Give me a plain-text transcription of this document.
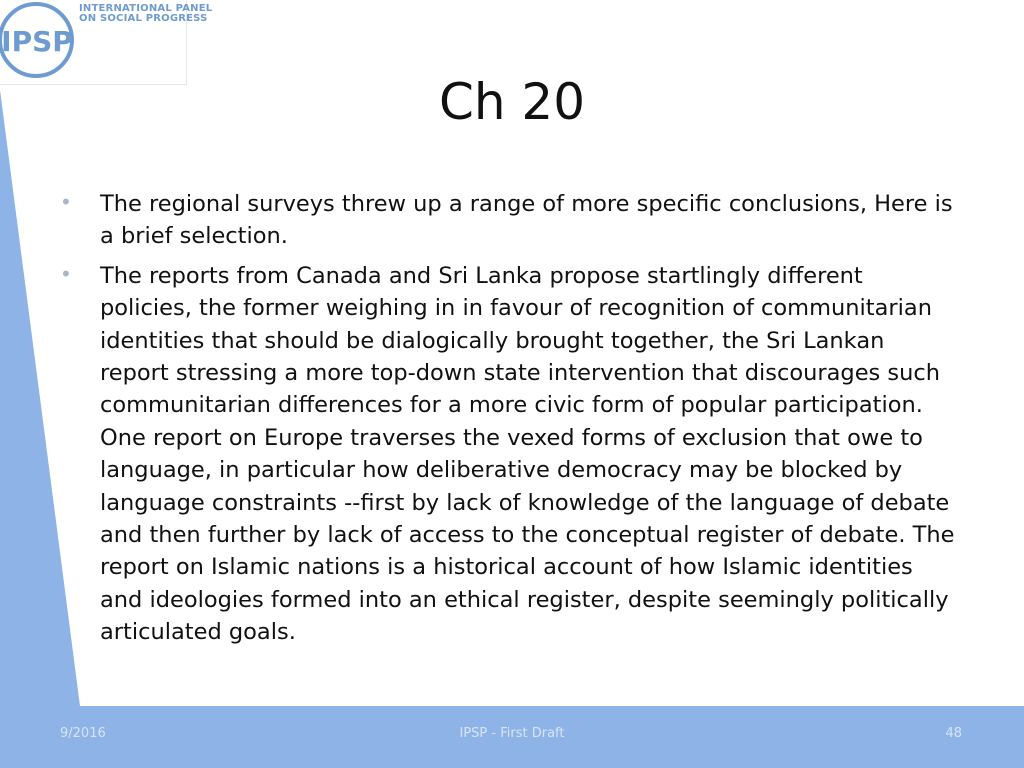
IPSP
INTERNATIONAL PANEL
ON SOCIAL PROGRESS
Ch 20
• The regional surveys threw up a range of more specific conclusions, Here is a brief selection.
• The reports from Canada and Sri Lanka propose startlingly different policies, the former weighing in in favour of recognition of communitarian identities that should be dialogically brought together, the Sri Lankan report stressing a more top-down state intervention that discourages such communitarian differences for a more civic form of popular participation. One report on Europe traverses the vexed forms of exclusion that owe to language, in particular how deliberative democracy may be blocked by language constraints --first by lack of knowledge of the language of debate and then further by lack of access to the conceptual register of debate. The report on Islamic nations is a historical account of how Islamic identities and ideologies formed into an ethical register, despite seemingly politically articulated goals.
9/2016	IPSP - First Draft	48
